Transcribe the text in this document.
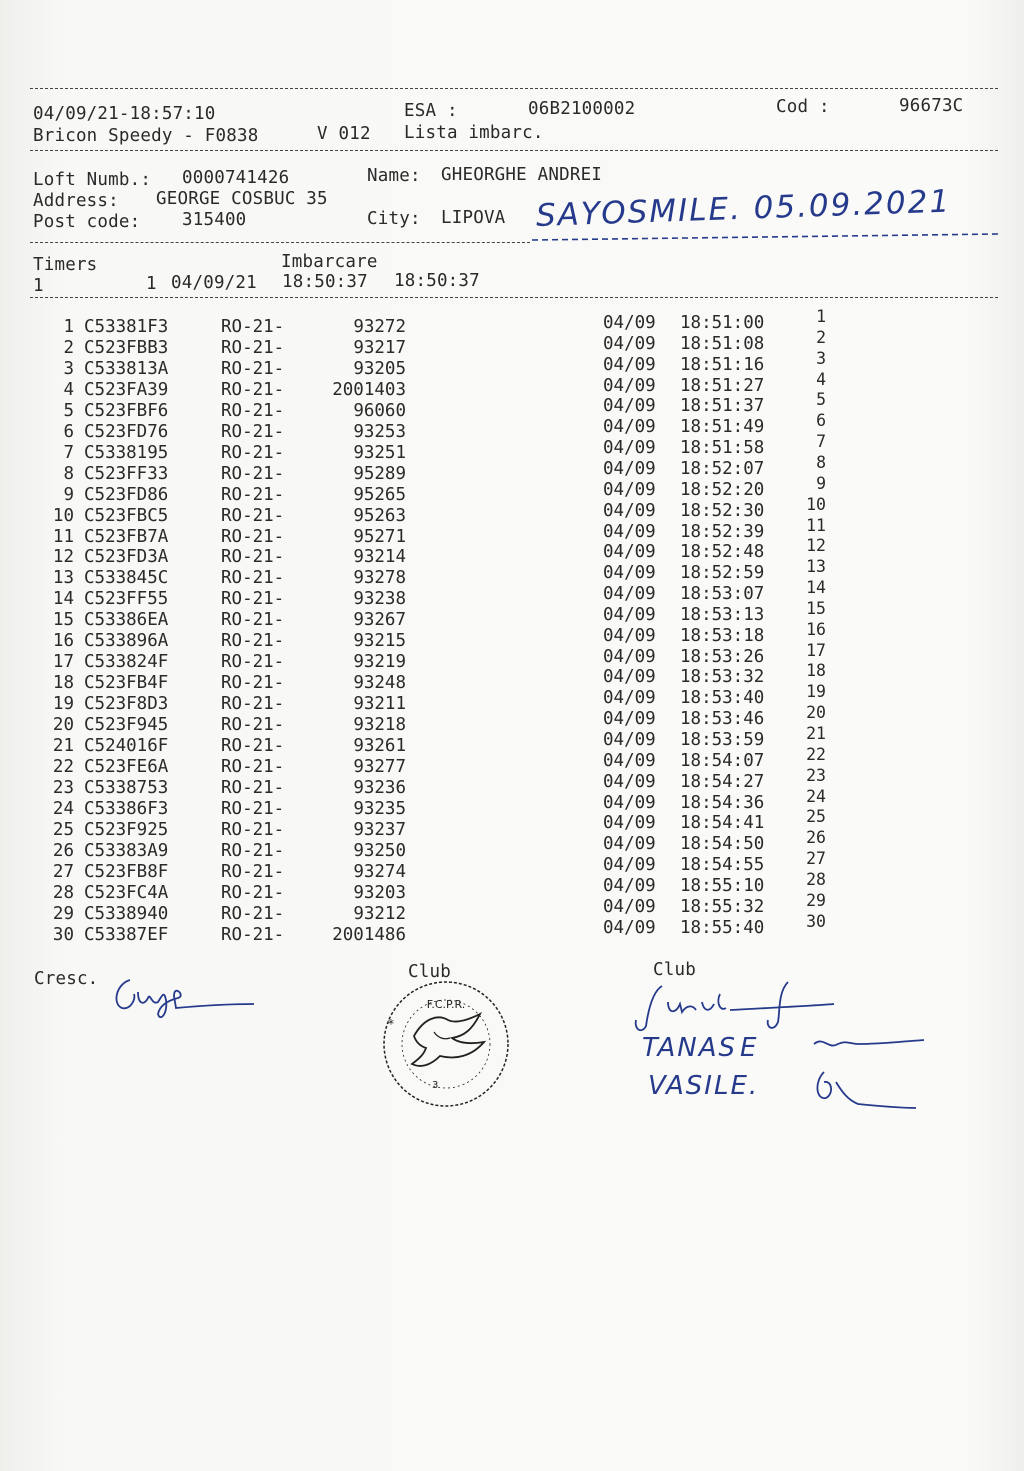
04/09/21-18:57:10	ESA :	06B2100002	Cod :	96673C
Bricon Speedy - F0838	V 012 Lista imbarc.
Loft Numb.: 0000741426	Name: GHEORGHE ANDREI
Address: GEORGE COSBUC 35
Post code: 315400	City: LIPOVA SAYOSMILE. 05.09.2021
Timers	Imbarcare
1	1 04/09/21 18:50:37 18:50:37
1 C53381F3	RO-21-	93272	04/09 18:51:00	1
2 C523FBB3	RO-21-	93217	04/09 18:51:08	2
3 C533813A	RO-21-	93205	04/09 18:51:16	3
4 C523FA39	RO-21-	2001403	04/09 18:51:27	4
5 C523FBF6	RO-21-	96060	04/09 18:51:37	5
6 C523FD76	RO-21-	93253	04/09 18:51:49	6
7 C5338195	RO-21-	93251	04/09 18:51:58	7
8 C523FF33	RO-21-	95289	04/09 18:52:07	8
9 C523FD86	RO-21-	95265	04/09 18:52:20	9
10 C523FBC5	RO-21-	95263	04/09 18:52:30	10
11 C523FB7A	RO-21-	95271	04/09 18:52:39	11
12 C523FD3A	RO-21-	93214	04/09 18:52:48	12
13 C533845C	RO-21-	93278	04/09 18:52:59	13
14 C523FF55	RO-21-	93238	04/09 18:53:07	14
15 C53386EA	RO-21-	93267	04/09 18:53:13	15
16 C533896A	RO-21-	93215	04/09 18:53:18	16
17 C533824F	RO-21-	93219	04/09 18:53:26	17
18 C523FB4F	RO-21-	93248	04/09 18:53:32	18
19 C523F8D3	RO-21-	93211	04/09 18:53:40	19
20 C523F945	RO-21-	93218	04/09 18:53:46	20
21 C524016F	RO-21-	93261	04/09 18:53:59	21
22 C523FE6A	RO-21-	93277	04/09 18:54:07	22
23 C5338753	RO-21-	93236	04/09 18:54:27	23
24 C53386F3	RO-21-	93235	04/09 18:54:36	24
25 C523F925	RO-21-	93237	04/09 18:54:41	25
26 C53383A9	RO-21-	93250	04/09 18:54:50	26
27 C523FB8F	RO-21-	93274	04/09 18:54:55	27
28 C523FC4A	RO-21-	93203	04/09 18:55:10	28
29 C5338940	RO-21-	93212	04/09 18:55:32	29
30 C53387EF	RO-21-	2001486	04/09 18:55:40	30
Cresc.	Club
F.C.P.R.
3
*
Club
TANAS E
VASILE.
